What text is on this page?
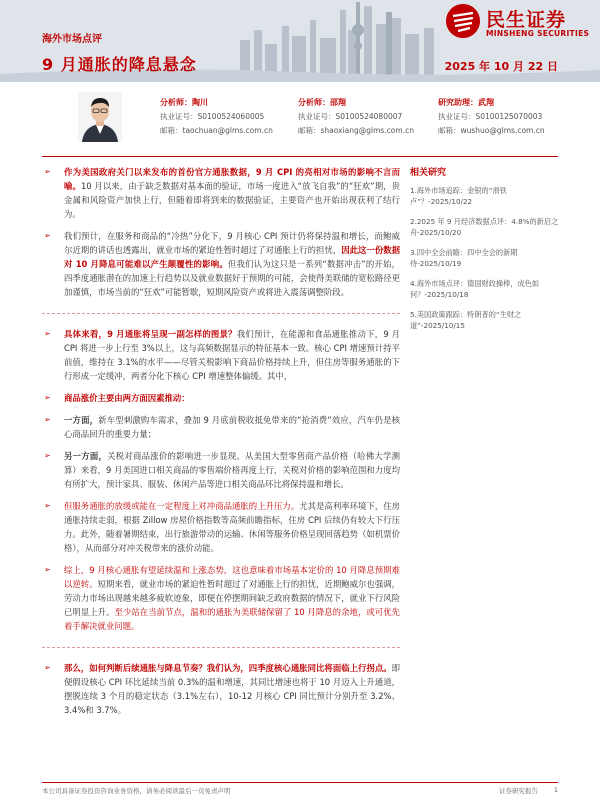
民生证券
MINSHENG SECURITIES
海外市场点评
9 月通胀的降息悬念	2025 年 10 月 22 日
分析师：陶川
执业证号：S0100524060005
邮箱：taochuan@glms.com.cn
分析师：邵翔
执业证号：S0100524080007
邮箱：shaoxiang@glms.com.cn
研究助理：武翔
执业证号：S0100125070003
邮箱：wushuo@glms.com.cn

➢ 作为美国政府关门以来发布的首份官方通胀数据，9 月 CPI 的亮相对市场的影响不言而喻。10 月以来，由于缺乏数据对基本面的验证，市场一度进入“放飞自我”的“狂欢”期，贵金属和风险资产加快上行，但随着即将到来的数据验证，主要资产也开始出现获利了结行为。

➢ 我们预计，在服务和商品的“冷热”分化下，9 月核心 CPI 预计仍将保持温和增长，而鲍威尔近期的讲话也透露出，就业市场的紧迫性暂时超过了对通胀上行的担忧，因此这一份数据对 10 月降息可能难以产生颠覆性的影响。但我们认为这只是一系列“数据冲击”的开始，四季度通胀潜在的加速上行趋势以及就业数据好于预期的可能，会使得美联储的宽松路径更加谨慎，市场当前的“狂欢”可能暂歇，短期风险资产或将进入震荡调整阶段。

➢ 具体来看，9 月通胀将呈现一副怎样的图景？我们预计，在能源和食品通胀推动下，9 月 CPI 将进一步上行至 3%以上，这与高频数据显示的特征基本一致。核心 CPI 增速预计持平前值，维持在 3.1%的水平——尽管关税影响下商品价格持续上升，但住房等服务通胀的下行形成一定缓冲，两者分化下核心 CPI 增速整体偏缓。其中，

➢ 商品涨价主要由两方面因素推动：

➢ 一方面，新车型刺激购车需求，叠加 9 月底前税收抵免带来的“抢消费”效应，汽车仍是核心商品回升的重要力量；

➢ 另一方面，关税对商品涨价的影响进一步显现。从美国大型零售商产品价格（哈佛大学测算）来看，9 月美国进口相关商品的零售端价格再度上行，关税对价格的影响范围和力度均有所扩大，预计家具、服装、休闲产品等进口相关商品环比将保持温和增长。

➢ 但服务通胀的放缓或能在一定程度上对冲商品通胀的上升压力。尤其是高利率环境下，住房通胀持续走弱，根据 Zillow 房屋价格指数等高频前瞻指标，住房 CPI 后续仍有较大下行压力。此外，随着暑期结束，出行旅游带动的运输、休闲等服务价格呈现回落趋势（如机票价格），从而部分对冲关税带来的涨价动能。

➢ 综上，9 月核心通胀有望延续温和上涨态势，这也意味着市场基本定价的 10 月降息预期难以逆转。短期来看，就业市场的紧迫性暂时超过了对通胀上行的担忧，近期鲍威尔也强调，劳动力市场出现越来越多疲软迹象，即便在停摆期间缺乏政府数据的情况下，就业下行风险已明显上升。至少站在当前节点，温和的通胀为美联储保留了 10 月降息的余地，或可优先着手解决就业问题。

➢ 那么，如何判断后续通胀与降息节奏？我们认为，四季度核心通胀同比将面临上行拐点。即便假设核心 CPI 环比延续当前 0.3%的温和增速，其同比增速也将于 10 月迈入上升通道，摆脱连续 3 个月的稳定状态（3.1%左右），10-12 月核心 CPI 同比预计分别升至 3.2%、3.4%和 3.7%。

相关研究
1.海外市场追踪：金银的“滑铁卢”？-2025/10/22
2.2025 年 9 月经济数据点评：4.8%的新启之舟-2025/10/20
3.四中全会前瞻：四中全会的新期待-2025/10/19
4.海外市场点评：德国财政操棒，成色如何？-2025/10/18
5.美国政策跟踪：特朗普的“生财之道”-2025/10/15
本公司具备证券投资咨询业务资格，请务必阅读最后一页免责声明	证券研究报告 1
